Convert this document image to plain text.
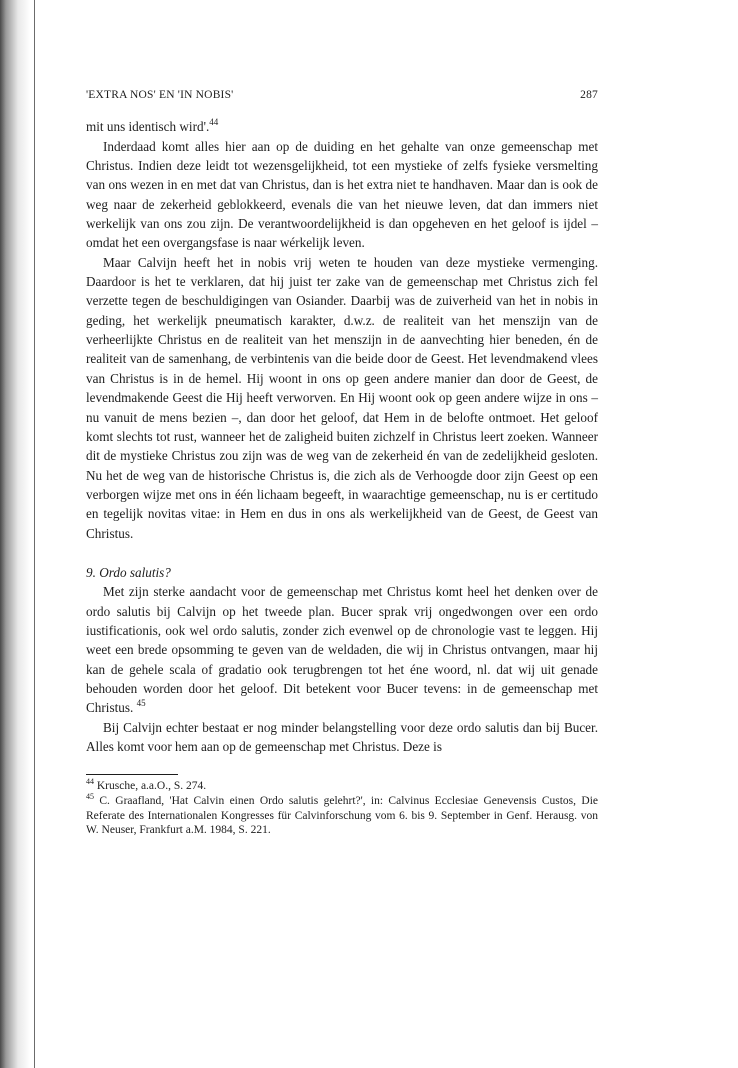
'EXTRA NOS' EN 'IN NOBIS'	287

mit uns identisch wird'.$^{44}$

Inderdaad komt alles hier aan op de duiding en het gehalte van onze gemeenschap met Christus. Indien deze leidt tot wezensgelijkheid, tot een mystieke of zelfs fysieke versmelting van ons wezen in en met dat van Christus, dan is het extra niet te handhaven. Maar dan is ook de weg naar de zekerheid geblokkeerd, evenals die van het nieuwe leven, dat dan immers niet werkelijk van ons zou zijn. De verantwoordelijkheid is dan opgeheven en het geloof is ijdel – omdat het een overgangsfase is naar wérkelijk leven.

Maar Calvijn heeft het in nobis vrij weten te houden van deze mystieke vermenging. Daardoor is het te verklaren, dat hij juist ter zake van de gemeenschap met Christus zich fel verzette tegen de beschuldigingen van Osiander. Daarbij was de zuiverheid van het in nobis in geding, het werkelijk pneumatisch karakter, d.w.z. de realiteit van het menszijn van de verheerlijkte Christus en de realiteit van het menszijn in de aanvechting hier beneden, én de realiteit van de samenhang, de verbintenis van die beide door de Geest. Het levendmakend vlees van Christus is in de hemel. Hij woont in ons op geen andere manier dan door de Geest, de levendmakende Geest die Hij heeft verworven. En Hij woont ook op geen andere wijze in ons – nu vanuit de mens bezien –, dan door het geloof, dat Hem in de belofte ontmoet. Het geloof komt slechts tot rust, wanneer het de zaligheid buiten zichzelf in Christus leert zoeken. Wanneer dit de mystieke Christus zou zijn was de weg van de zekerheid én van de zedelijkheid gesloten. Nu het de weg van de historische Christus is, die zich als de Verhoogde door zijn Geest op een verborgen wijze met ons in één lichaam begeeft, in waarachtige gemeenschap, nu is er certitudo en tegelijk novitas vitae: in Hem en dus in ons als werkelijkheid van de Geest, de Geest van Christus.

9. Ordo salutis?

Met zijn sterke aandacht voor de gemeenschap met Christus komt heel het denken over de ordo salutis bij Calvijn op het tweede plan. Bucer sprak vrij ongedwongen over een ordo iustificationis, ook wel ordo salutis, zonder zich evenwel op de chronologie vast te leggen. Hij weet een brede opsomming te geven van de weldaden, die wij in Christus ontvangen, maar hij kan de gehele scala of gradatio ook terugbrengen tot het éne woord, nl. dat wij uit genade behouden worden door het geloof. Dit betekent voor Bucer tevens: in de gemeenschap met Christus. $^{45}$

Bij Calvijn echter bestaat er nog minder belangstelling voor deze ordo salutis dan bij Bucer. Alles komt voor hem aan op de gemeenschap met Christus. Deze is

$^{44}$ Krusche, a.a.O., S. 274.

$^{45}$ C. Graafland, 'Hat Calvin einen Ordo salutis gelehrt?', in: Calvinus Ecclesiae Genevensis Custos, Die Referate des Internationalen Kongresses für Calvinforschung vom 6. bis 9. September in Genf. Herausg. von W. Neuser, Frankfurt a.M. 1984, S. 221.
